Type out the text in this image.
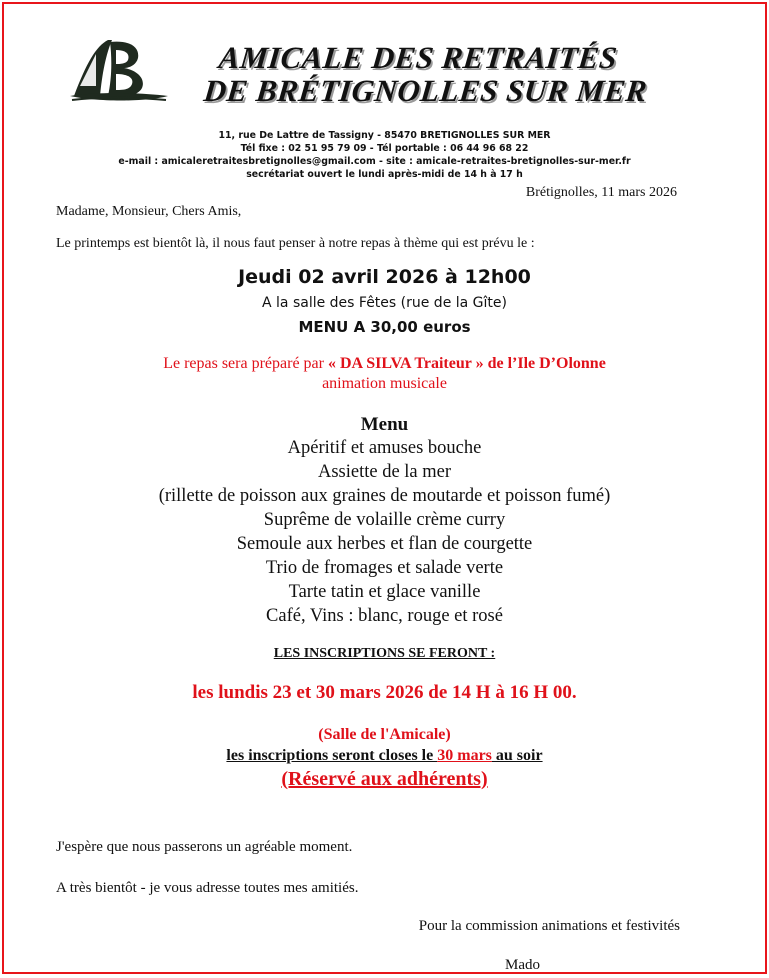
AMICALE DES RETRAITÉS
DE BRÉTIGNOLLES SUR MER
11, rue De Lattre de Tassigny - 85470 BRETIGNOLLES SUR MER
Tél fixe : 02 51 95 79 09 - Tél portable : 06 44 96 68 22
e-mail : amicaleretraitesbretignolles@gmail.com - site : amicale-retraites-bretignolles-sur-mer.fr
secrétariat ouvert le lundi après-midi de 14 h à 17 h
Brétignolles, 11 mars 2026
Madame, Monsieur, Chers Amis,
Le printemps est bientôt là, il nous faut penser à notre repas à thème qui est prévu le :
Jeudi 02 avril 2026 à 12h00
A la salle des Fêtes (rue de la Gîte)
MENU A 30,00 euros
Le repas sera préparé par « DA SILVA Traiteur » de l’Ile D’Olonne
animation musicale
Menu
Apéritif et amuses bouche
Assiette de la mer
(rillette de poisson aux graines de moutarde et poisson fumé)
Suprême de volaille crème curry
Semoule aux herbes et flan de courgette
Trio de fromages et salade verte
Tarte tatin et glace vanille
Café, Vins : blanc, rouge et rosé
LES INSCRIPTIONS SE FERONT :
les lundis 23 et 30 mars 2026 de 14 H à 16 H 00.
(Salle de l'Amicale)
les inscriptions seront closes le 30 mars au soir
(Réservé aux adhérents)
J'espère que nous passerons un agréable moment.
A très bientôt - je vous adresse toutes mes amitiés.
Pour la commission animations et festivités
Mado
